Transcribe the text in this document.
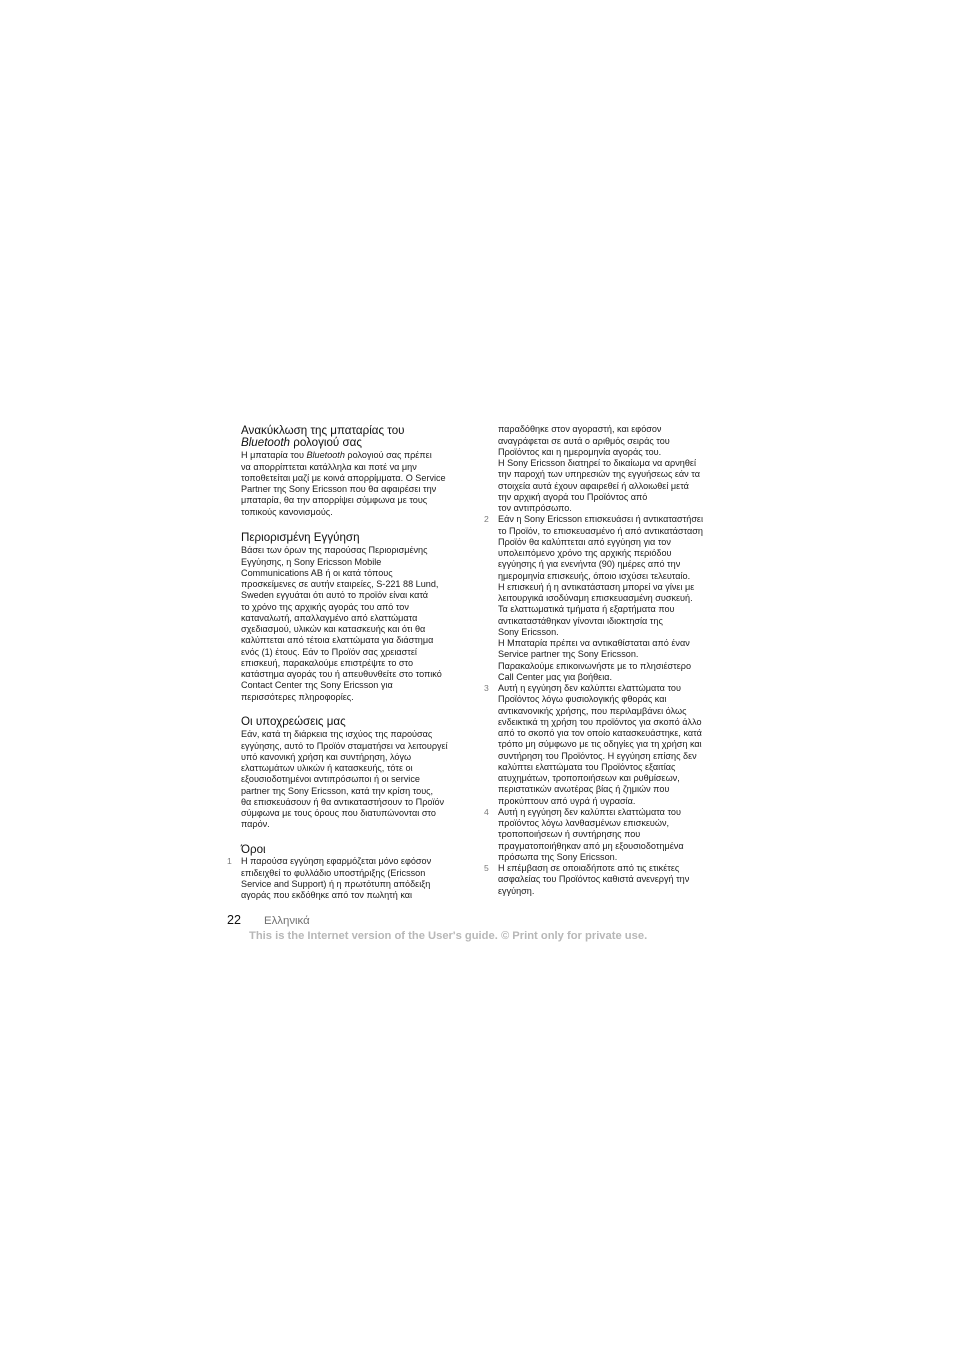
Ανακύκλωση της μπαταρίας του
Bluetooth ρολογιού σας
Η μπαταρία του Bluetooth ρολογιού σας πρέπει
να απορρίπτεται κατάλληλα και ποτέ να μην
τοποθετείται μαζί με κοινά απορρίμματα. Ο Service
Partner της Sony Ericsson που θα αφαιρέσει την
μπαταρία, θα την απορρίψει σύμφωνα με τους
τοπικούς κανονισμούς.
Περιορισμένη Εγγύηση
Βάσει των όρων της παρούσας Περιορισμένης
Εγγύησης, η Sony Ericsson Mobile
Communications AB ή οι κατά τόπους
προσκείμενες σε αυτήν εταιρείες, S-221 88 Lund,
Sweden εγγυάται ότι αυτό το προϊόν είναι κατά
το χρόνο της αρχικής αγοράς του από τον
καταναλωτή, απαλλαγμένο από ελαττώματα
σχεδιασμού, υλικών και κατασκευής και ότι θα
καλύπτεται από τέτοια ελαττώματα για διάστημα
ενός (1) έτους. Εάν το Προϊόν σας χρειαστεί
επισκευή, παρακαλούμε επιστρέψτε το στο
κατάστημα αγοράς του ή απευθυνθείτε στο τοπικό
Contact Center της Sony Ericsson για
περισσότερες πληροφορίες.
Οι υποχρεώσεις μας
Εάν, κατά τη διάρκεια της ισχύος της παρούσας
εγγύησης, αυτό το Προϊόν σταματήσει να λειτουργεί
υπό κανονική χρήση και συντήρηση, λόγω
ελαττωμάτων υλικών ή κατασκευής, τότε οι
εξουσιοδοτημένοι αντιπρόσωποι ή οι service
partner της Sony Ericsson, κατά την κρίση τους,
θα επισκευάσουν ή θα αντικαταστήσουν το Προϊόν
σύμφωνα με τους όρους που διατυπώνονται στο
παρόν.
Όροι
1 Η παρούσα εγγύηση εφαρμόζεται μόνο εφόσον
επιδειχθεί το φυλλάδιο υποστήριξης (Ericsson
Service and Support) ή η πρωτότυπη απόδειξη
αγοράς που εκδόθηκε από τον πωλητή και
παραδόθηκε στον αγοραστή, και εφόσον
αναγράφεται σε αυτά ο αριθμός σειράς του
Προϊόντος και η ημερομηνία αγοράς του.
Η Sony Ericsson διατηρεί το δικαίωμα να αρνηθεί
την παροχή των υπηρεσιών της εγγυήσεως εάν τα
στοιχεία αυτά έχουν αφαιρεθεί ή αλλοιωθεί μετά
την αρχική αγορά του Προϊόντος από
τον αντιπρόσωπο.
2 Εάν η Sony Ericsson επισκευάσει ή αντικαταστήσει
το Προϊόν, το επισκευασμένο ή από αντικατάσταση
Προϊόν θα καλύπτεται από εγγύηση για τον
υπολειπόμενο χρόνο της αρχικής περιόδου
εγγύησης ή για ενενήντα (90) ημέρες από την
ημερομηνία επισκευής, όποιο ισχύσει τελευταίο.
Η επισκευή ή η αντικατάσταση μπορεί να γίνει με
λειτουργικά ισοδύναμη επισκευασμένη συσκευή.
Τα ελαττωματικά τμήματα ή εξαρτήματα που
αντικαταστάθηκαν γίνονται ιδιοκτησία της
Sony Ericsson.
Η Μπαταρία πρέπει να αντικαθίσταται από έναν
Service partner της Sony Ericsson.
Παρακαλούμε επικοινωνήστε με το πλησιέστερο
Call Center μας για βοήθεια.
3 Αυτή η εγγύηση δεν καλύπτει ελαττώματα του
Προϊόντος λόγω φυσιολογικής φθοράς και
αντικανονικής χρήσης, που περιλαμβάνει όλως
ενδεικτικά τη χρήση του προϊόντος για σκοπό άλλο
από το σκοπό για τον οποίο κατασκευάστηκε, κατά
τρόπο μη σύμφωνο με τις οδηγίες για τη χρήση και
συντήρηση του Προϊόντος. Η εγγύηση επίσης δεν
καλύπτει ελαττώματα του Προϊόντος εξαιτίας
ατυχημάτων, τροποποιήσεων και ρυθμίσεων,
περιστατικών ανωτέρας βίας ή ζημιών που
προκύπτουν από υγρά ή υγρασία.
4 Αυτή η εγγύηση δεν καλύπτει ελαττώματα του
προϊόντος λόγω λανθασμένων επισκευών,
τροποποιήσεων ή συντήρησης που
πραγματοποιήθηκαν από μη εξουσιοδοτημένα
πρόσωπα της Sony Ericsson.
5 Η επέμβαση σε οποιαδήποτε από τις ετικέτες
ασφαλείας του Προϊόντος καθιστά ανενεργή την
εγγύηση.
22 Ελληνικά
This is the Internet version of the User's guide. © Print only for private use.
